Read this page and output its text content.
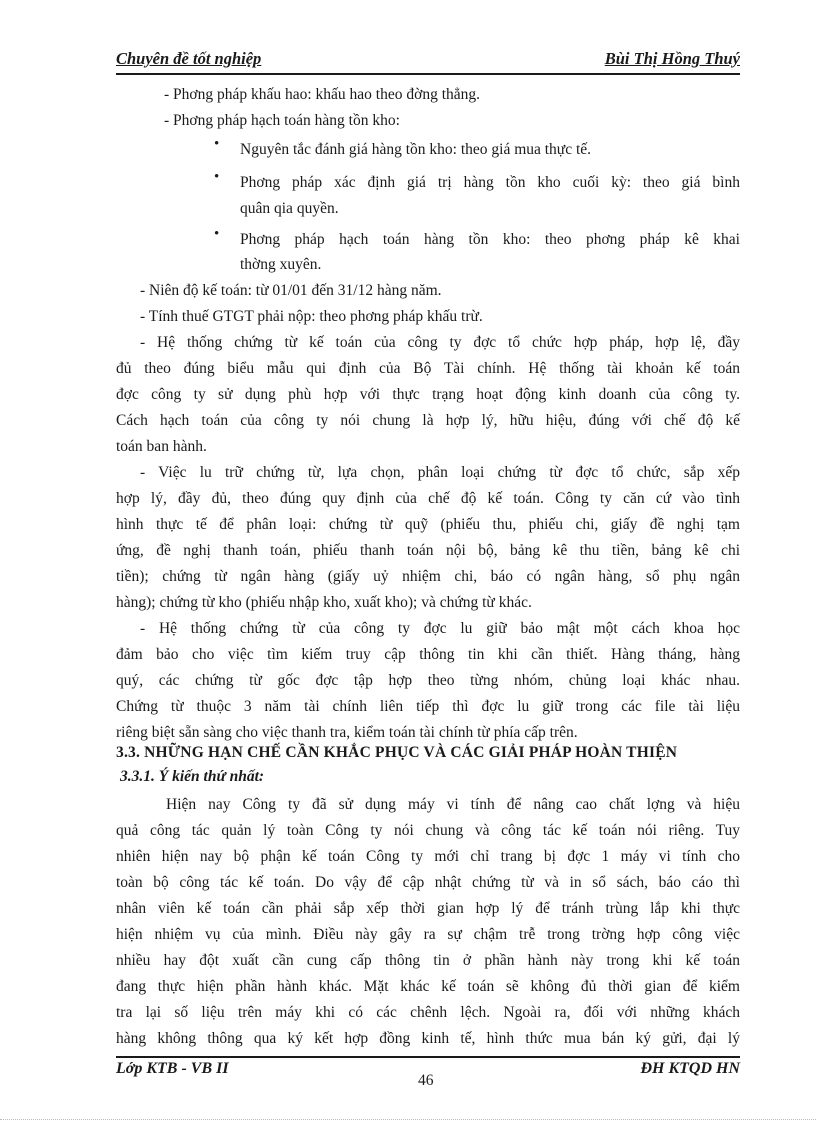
Chuyên đề tốt nghiệp	Bùi Thị Hồng Thuý
- Phơng pháp khấu hao: khấu hao theo đờng thẳng.
- Phơng pháp hạch toán hàng tồn kho:
• Nguyên tắc đánh giá hàng tồn kho: theo giá mua thực tế.
• Phơng pháp xác định giá trị hàng tồn kho cuối kỳ: theo giá bình
quân qia quyền.
• Phơng pháp hạch toán hàng tồn kho: theo phơng pháp kê khai
thờng xuyên.
- Niên độ kế toán: từ 01/01 đến 31/12 hàng năm.
- Tính thuế GTGT phải nộp: theo phơng pháp khấu trừ.
- Hệ thống chứng từ kế toán của công ty đợc tổ chức hợp pháp, hợp lệ, đầy
đủ theo đúng biểu mẫu qui định của Bộ Tài chính. Hệ thống tài khoản kế toán
đợc công ty sử dụng phù hợp với thực trạng hoạt động kinh doanh của công ty.
Cách hạch toán của công ty nói chung là hợp lý, hữu hiệu, đúng với chế độ kế
toán ban hành.
- Việc lu trữ chứng từ, lựa chọn, phân loại chứng từ đợc tổ chức, sắp xếp
hợp lý, đầy đủ, theo đúng quy định của chế độ kế toán. Công ty căn cứ vào tình
hình thực tế để phân loại: chứng từ quỹ (phiếu thu, phiếu chi, giấy đề nghị tạm
ứng, đề nghị thanh toán, phiếu thanh toán nội bộ, bảng kê thu tiền, bảng kê chi
tiền); chứng từ ngân hàng (giấy uỷ nhiệm chi, báo có ngân hàng, sổ phụ ngân
hàng); chứng từ kho (phiếu nhập kho, xuất kho); và chứng từ khác.
- Hệ thống chứng từ của công ty đợc lu giữ bảo mật một cách khoa học
đảm bảo cho việc tìm kiếm truy cập thông tin khi cần thiết. Hàng tháng, hàng
quý, các chứng từ gốc đợc tập hợp theo từng nhóm, chủng loại khác nhau.
Chứng từ thuộc 3 năm tài chính liên tiếp thì đợc lu giữ trong các file tài liệu
riêng biệt sẵn sàng cho việc thanh tra, kiểm toán tài chính từ phía cấp trên.
3.3. NHỮNG HẠN CHẾ CẦN KHẮC PHỤC VÀ CÁC GIẢI PHÁP HOÀN THIỆN
3.3.1. Ý kiến thứ nhất:
Hiện nay Công ty đã sử dụng máy vi tính để nâng cao chất lợng và hiệu
quả công tác quản lý toàn Công ty nói chung và công tác kế toán nói riêng. Tuy
nhiên hiện nay bộ phận kế toán Công ty mới chỉ trang bị đợc 1 máy vi tính cho
toàn bộ công tác kế toán. Do vậy để cập nhật chứng từ và in sổ sách, báo cáo thì
nhân viên kế toán cần phải sắp xếp thời gian hợp lý để tránh trùng lắp khi thực
hiện nhiệm vụ của mình. Điều này gây ra sự chậm trễ trong trờng hợp công việc
nhiều hay đột xuất cần cung cấp thông tin ở phần hành này trong khi kế toán
đang thực hiện phần hành khác. Mặt khác kế toán sẽ không đủ thời gian để kiểm
tra lại số liệu trên máy khi có các chênh lệch. Ngoài ra, đối với những khách
hàng không thông qua ký kết hợp đồng kinh tế, hình thức mua bán ký gửi, đại lý
Lớp KTB - VB II
46
ĐH KTQD HN
